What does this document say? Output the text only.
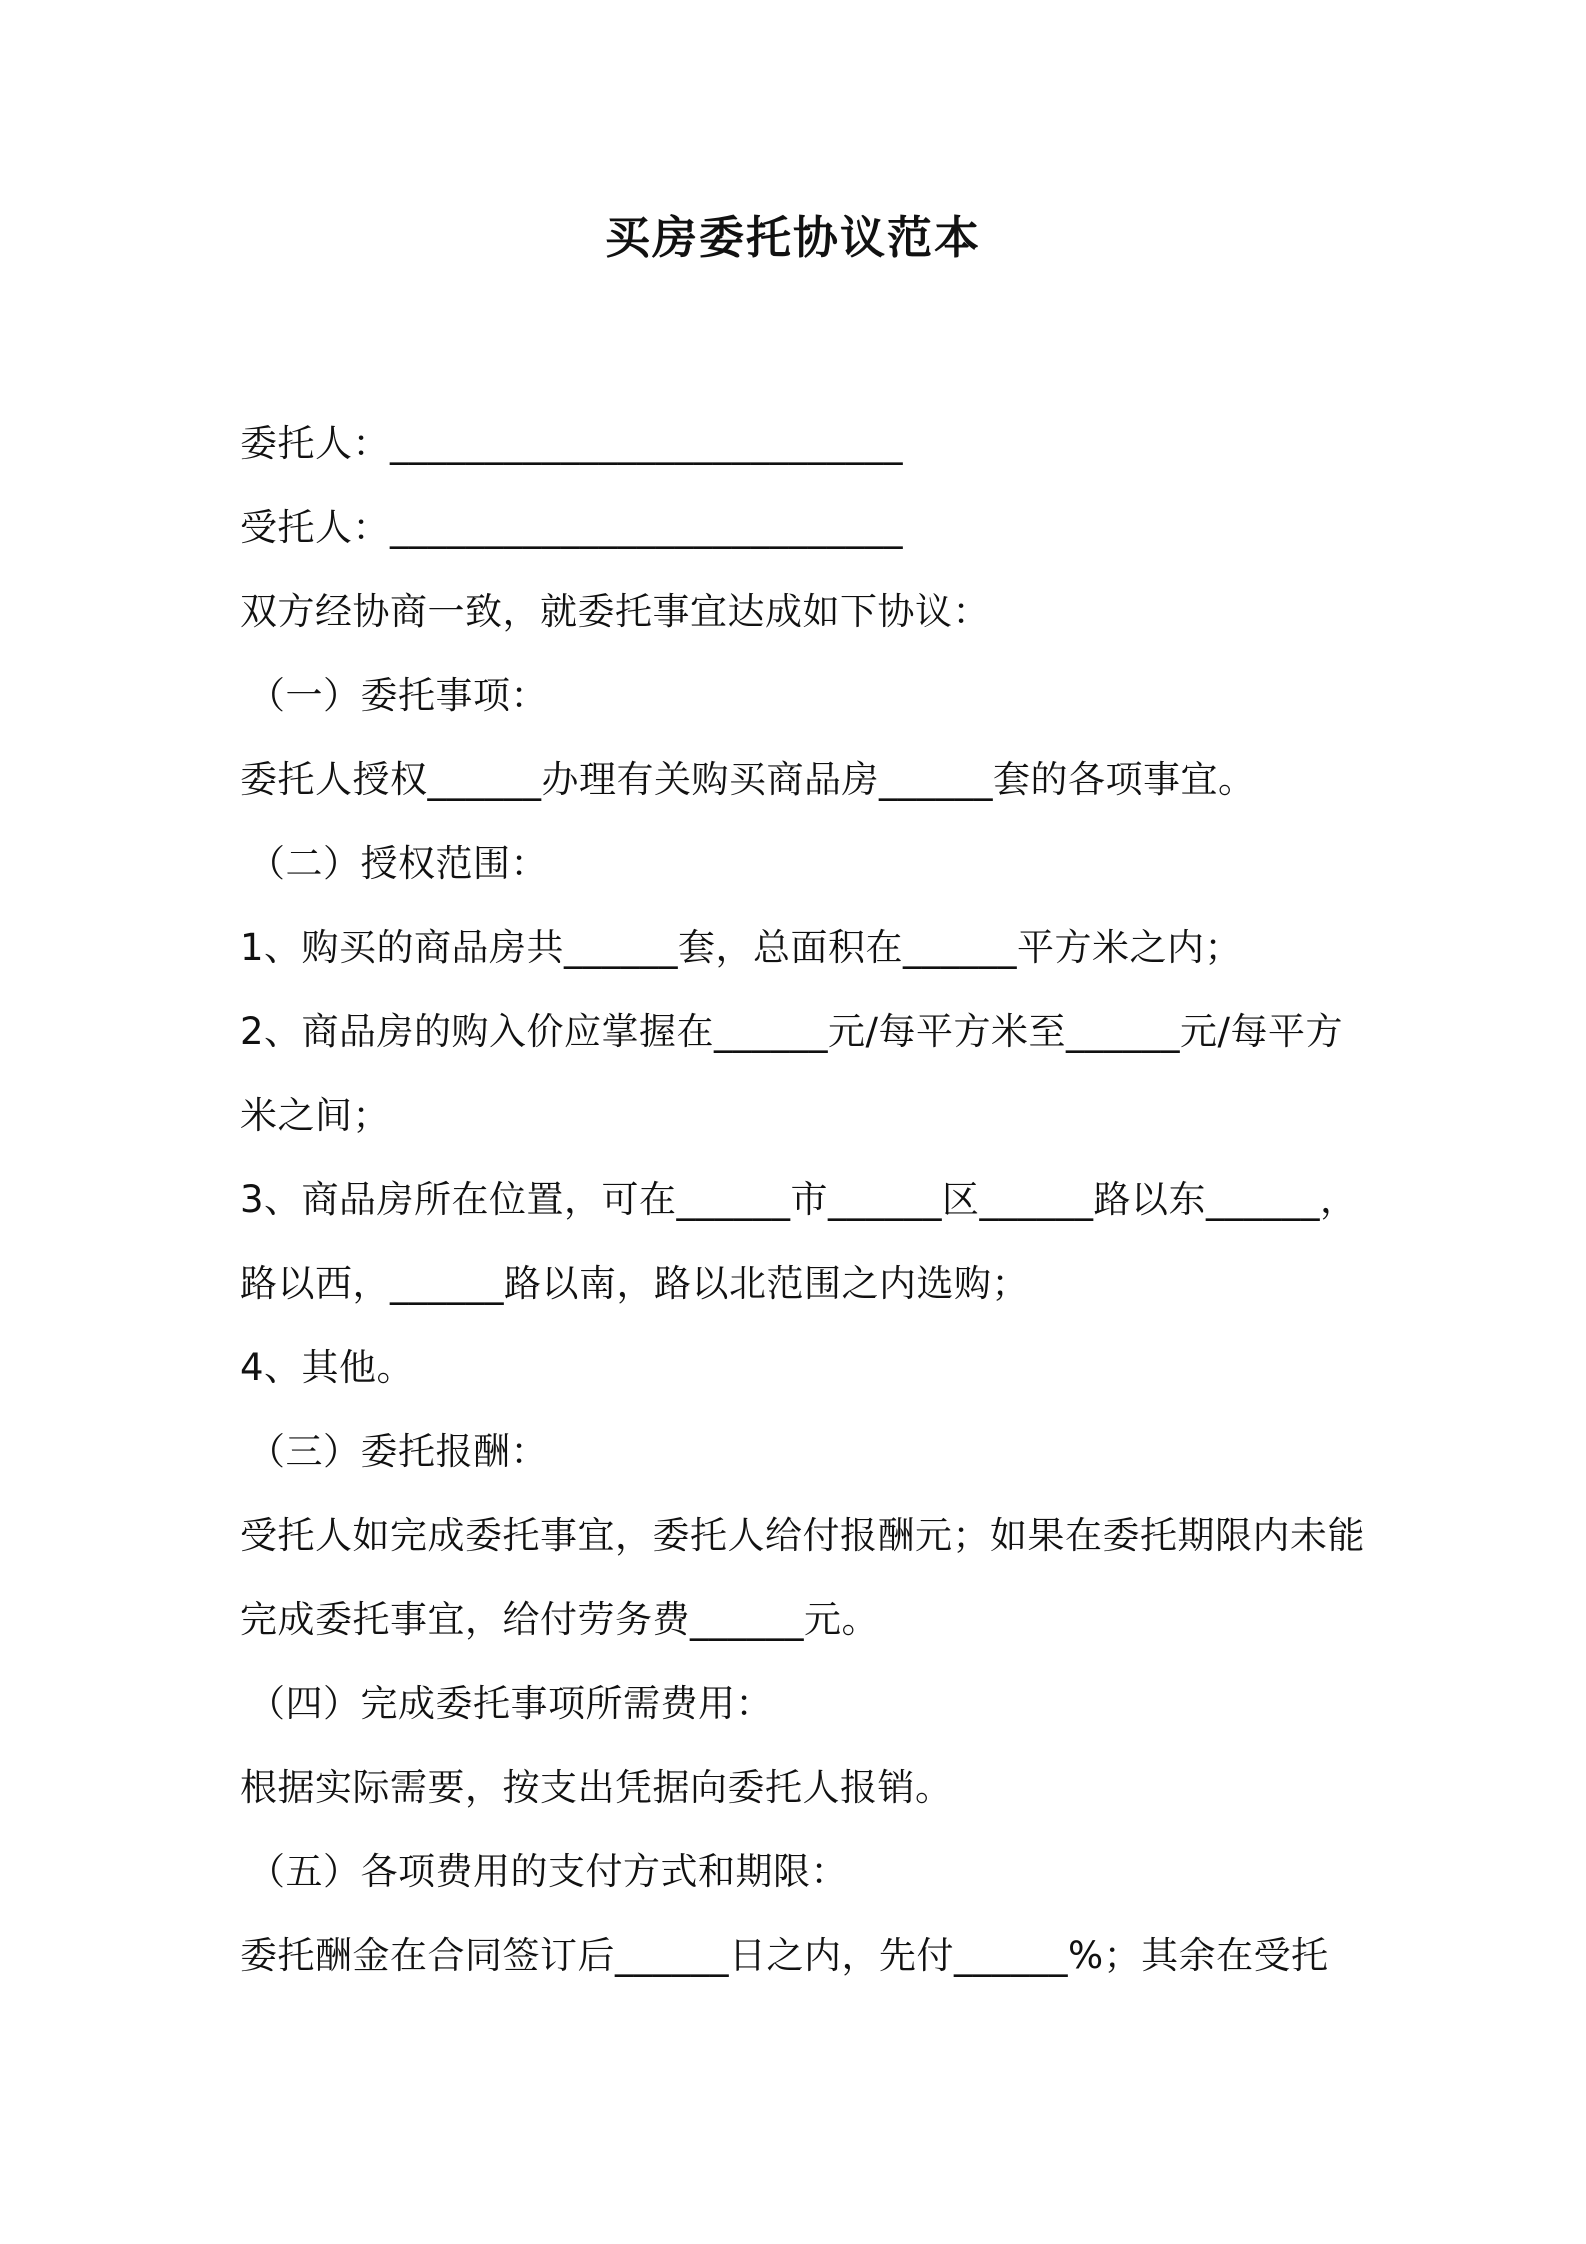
买房委托协议范本
委托人：___________________________
受托人：___________________________
双方经协商一致，就委托事宜达成如下协议：
（一）委托事项：
委托人授权______办理有关购买商品房______套的各项事宜。
（二）授权范围：
1、购买的商品房共______套，总面积在______平方米之内；
2、商品房的购入价应掌握在______元/每平方米至______元/每平方
米之间；
3、商品房所在位置，可在______市______区______路以东______，
路以西，______路以南，路以北范围之内选购；
4、其他。
（三）委托报酬：
受托人如完成委托事宜，委托人给付报酬元；如果在委托期限内未能
完成委托事宜，给付劳务费______元。
（四）完成委托事项所需费用：
根据实际需要，按支出凭据向委托人报销。
（五）各项费用的支付方式和期限：
委托酬金在合同签订后______日之内，先付______%；其余在受托
